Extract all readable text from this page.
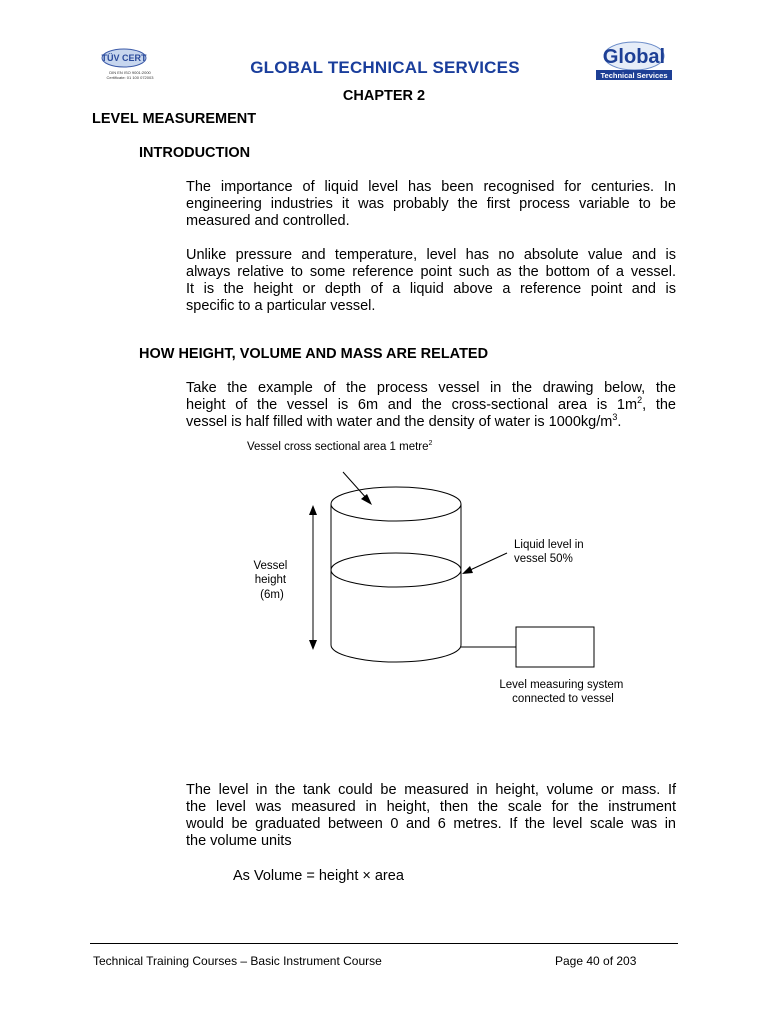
TÜV CERT
DIN EN ISO 9001:2000
Certificate: 01 100 072003
GLOBAL TECHNICAL SERVICES	Global
Technical Services
CHAPTER 2
LEVEL MEASUREMENT
INTRODUCTION
The importance of liquid level has been recognised for centuries. In
engineering industries it was probably the first process variable to be
measured and controlled.
Unlike pressure and temperature, level has no absolute value and is
always relative to some reference point such as the bottom of a vessel.
It is the height or depth of a liquid above a reference point and is
specific to a particular vessel.
HOW HEIGHT, VOLUME AND MASS ARE RELATED
Take the example of the process vessel in the drawing below, the
height of the vessel is 6m and the cross-sectional area is $1m^2$, the
vessel is half filled with water and the density of water is $1000kg/m^3$.
Vessel cross sectional area 1 metre$^2$
Vessel height (6m)
Liquid level in vessel 50%
Level measuring system connected to vessel
The level in the tank could be measured in height, volume or mass. If
the level was measured in height, then the scale for the instrument
would be graduated between 0 and 6 metres. If the level scale was in
the volume units
As Volume = height × area
Technical Training Courses – Basic Instrument Course	Page 40 of 203
